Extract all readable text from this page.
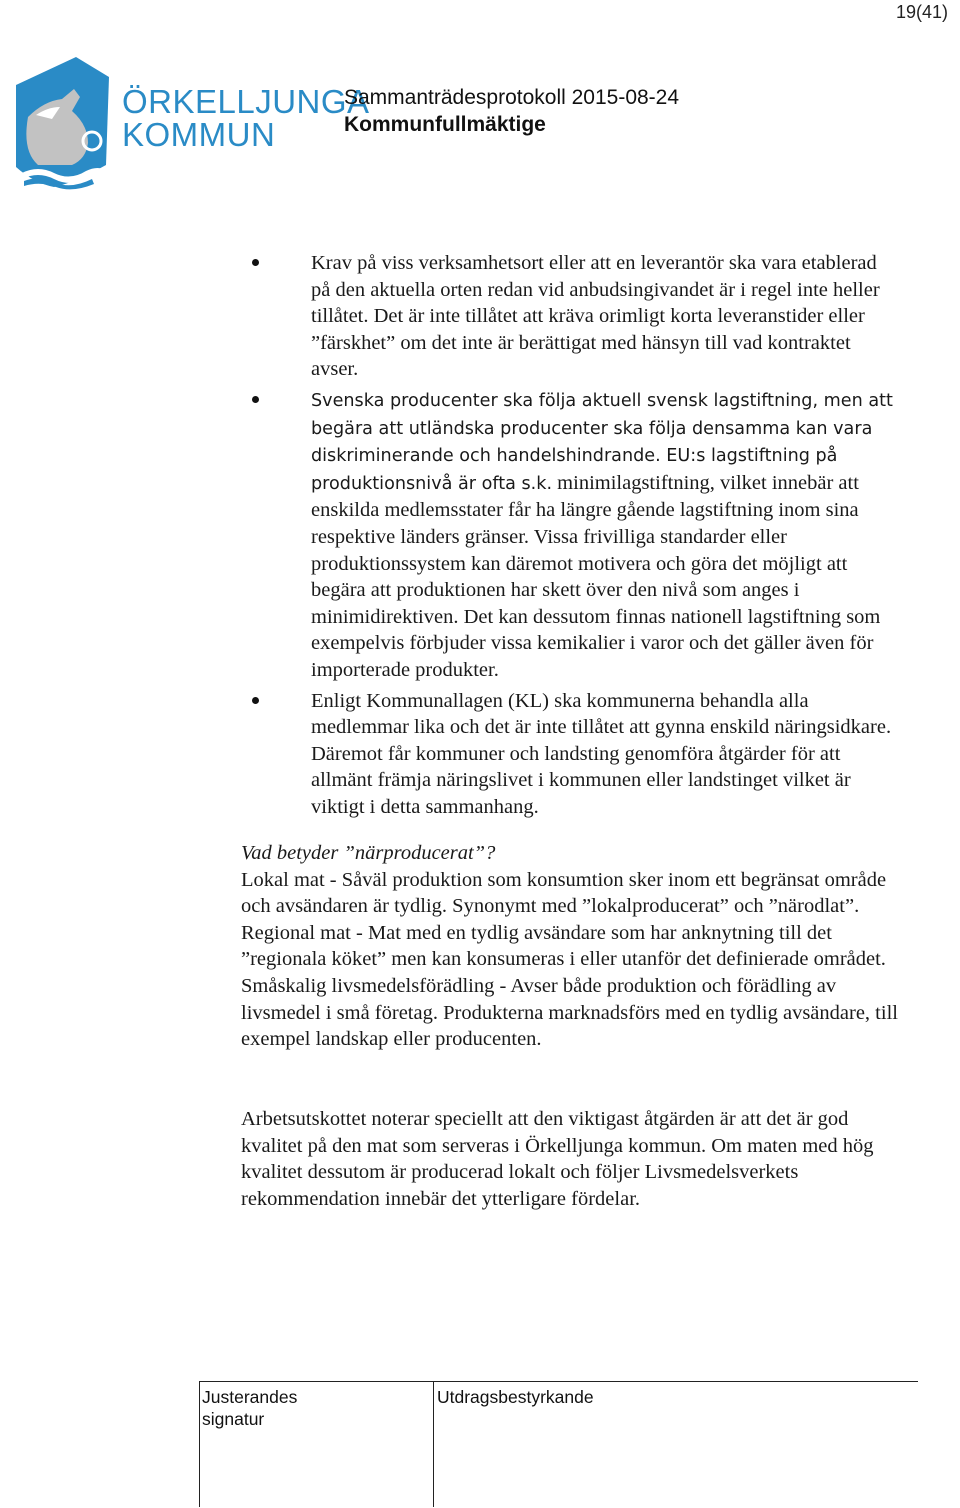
19(41)
ÖRKELLJUNGA
KOMMUN
Sammanträdesprotokoll 2015-08-24
Kommunfullmäktige
Krav på viss verksamhetsort eller att en leverantör ska vara etablerad på den aktuella orten redan vid anbudsingivandet är i regel inte heller tillåtet. Det är inte tillåtet att kräva orimligt korta leveranstider eller ”färskhet” om det inte är berättigat med hänsyn till vad kontraktet avser.
Svenska producenter ska följa aktuell svensk lagstiftning, men att begära att utländska producenter ska följa densamma kan vara diskriminerande och handelshindrande. EU:s lagstiftning på produktionsnivå är ofta s.k. minimilagstiftning, vilket innebär att enskilda medlemsstater får ha längre gående lagstiftning inom sina respektive länders gränser. Vissa frivilliga standarder eller produktionssystem kan däremot motivera och göra det möjligt att begära att produktionen har skett över den nivå som anges i minimidirektiven. Det kan dessutom finnas nationell lagstiftning som exempelvis förbjuder vissa kemikalier i varor och det gäller även för importerade produkter.
Enligt Kommunallagen (KL) ska kommunerna behandla alla medlemmar lika och det är inte tillåtet att gynna enskild näringsidkare. Däremot får kommuner och landsting genomföra åtgärder för att allmänt främja näringslivet i kommunen eller landstinget vilket är viktigt i detta sammanhang.
Vad betyder ”närproducerat”?
Lokal mat - Såväl produktion som konsumtion sker inom ett begränsat område och avsändaren är tydlig. Synonymt med ”lokalproducerat” och ”närodlat”. Regional mat - Mat med en tydlig avsändare som har anknytning till det ”regionala köket” men kan konsumeras i eller utanför det definierade området. Småskalig livsmedelsförädling - Avser både produktion och förädling av livsmedel i små företag. Produkterna marknadsförs med en tydlig avsändare, till exempel landskap eller producenten.
Arbetsutskottet noterar speciellt att den viktigast åtgärden är att det är god kvalitet på den mat som serveras i Örkelljunga kommun. Om maten med hög kvalitet dessutom är producerad lokalt och följer Livsmedelsverkets rekommendation innebär det ytterligare fördelar.
Justerandes signatur
Utdragsbestyrkande
